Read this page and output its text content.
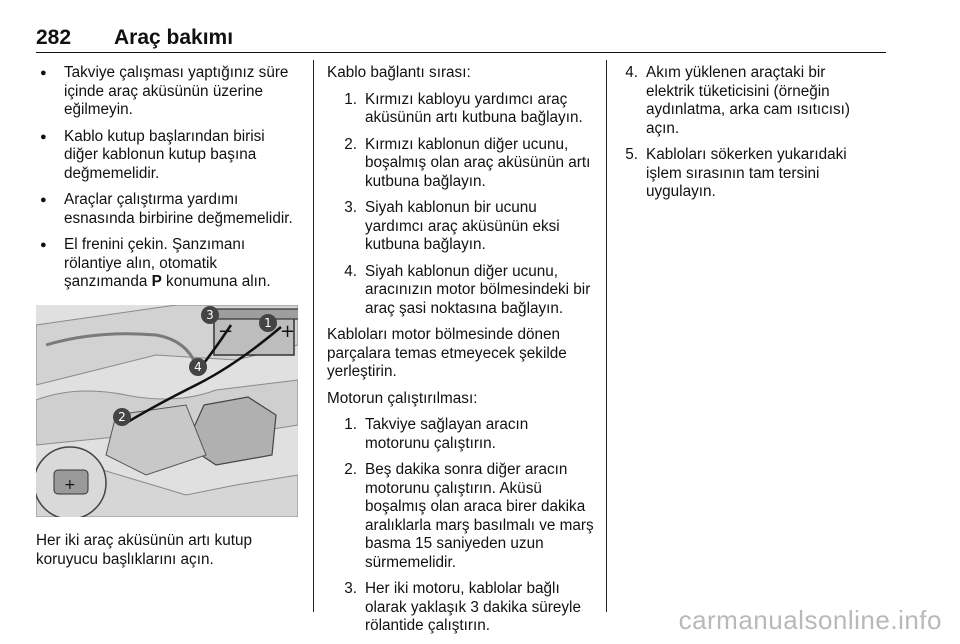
282 Araç bakımı
● Takviye çalışması yaptığınız süre içinde araç aküsünün üzerine eğilmeyin.
● Kablo kutup başlarından birisi diğer kablonun kutup başına değmemelidir.
● Araçlar çalıştırma yardımı esnasında birbirine değmemelidir.
● El frenini çekin. Şanzımanı rölantiye alın, otomatik şanzımanda P konumuna alın.
+
−
+
1
2
3
4
Her iki araç aküsünün artı kutup koruyucu başlıklarını açın.

Kablo bağlantı sırası:

1. Kırmızı kabloyu yardımcı araç aküsünün artı kutbuna bağlayın.
2. Kırmızı kablonun diğer ucunu, boşalmış olan araç aküsünün artı kutbuna bağlayın.
3. Siyah kablonun bir ucunu yardımcı araç aküsünün eksi kutbuna bağlayın.
4. Siyah kablonun diğer ucunu, aracınızın motor bölmesindeki bir araç şasi noktasına bağlayın.

Kabloları motor bölmesinde dönen parçalara temas etmeyecek şekilde yerleştirin.

Motorun çalıştırılması:

1. Takviye sağlayan aracın motorunu çalıştırın.
2. Beş dakika sonra diğer aracın motorunu çalıştırın. Aküsü boşalmış olan araca birer dakika aralıklarla marş basılmalı ve marş basma 15 saniyeden uzun sürmemelidir.
3. Her iki motoru, kablolar bağlı olarak yaklaşık 3 dakika süreyle rölantide çalıştırın.
4. Akım yüklenen araçtaki bir elektrik tüketicisini (örneğin aydınlatma, arka cam ısıtıcısı) açın.
5. Kabloları sökerken yukarıdaki işlem sırasının tam tersini uygulayın.
carmanualsonline.info
